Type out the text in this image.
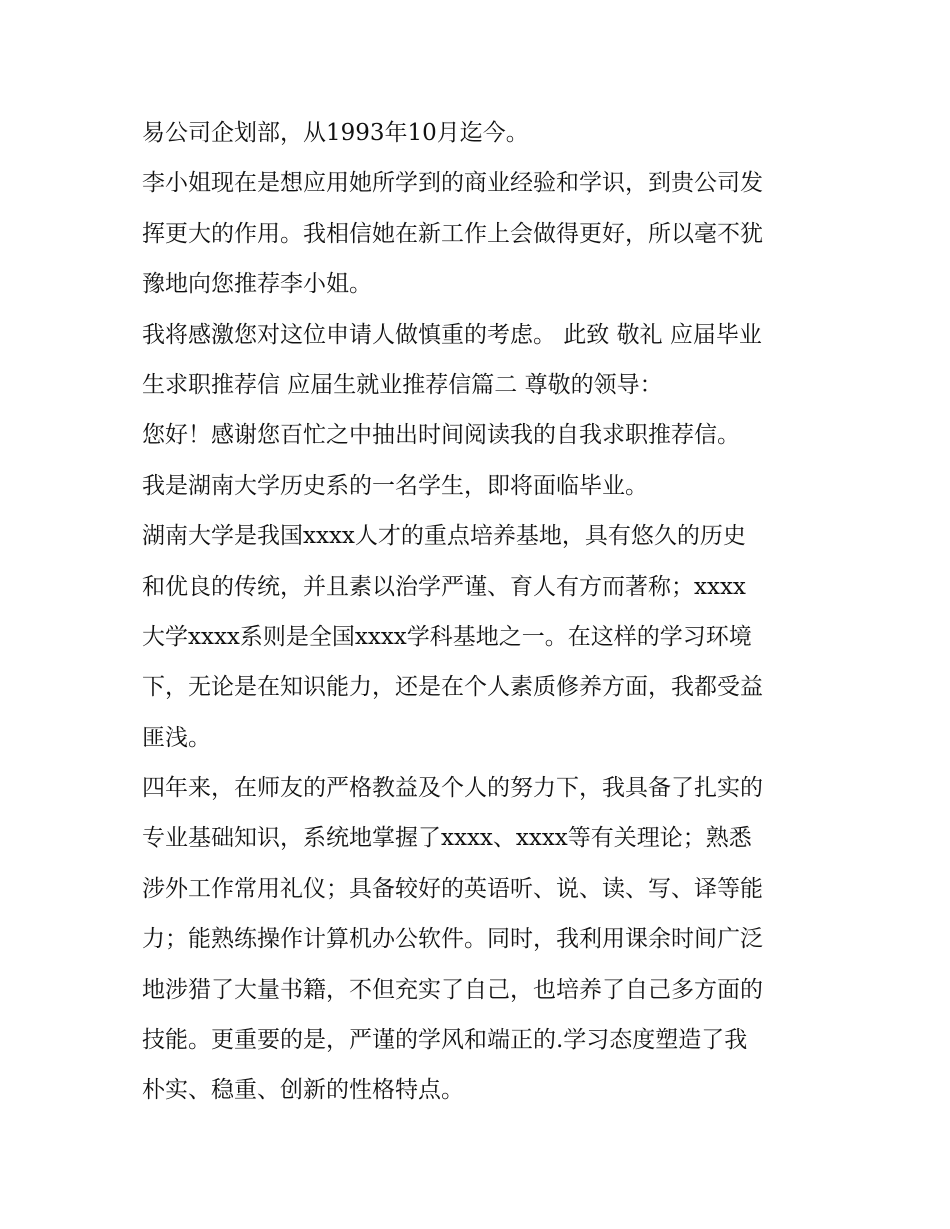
易公司企划部，从1993年10月迄今。
李小姐现在是想应用她所学到的商业经验和学识，到贵公司发
挥更大的作用。我相信她在新工作上会做得更好，所以毫不犹
豫地向您推荐李小姐。
我将感激您对这位申请人做慎重的考虑。 此致 敬礼 应届毕业
生求职推荐信 应届生就业推荐信篇二 尊敬的领导：
您好！感谢您百忙之中抽出时间阅读我的自我求职推荐信。
我是湖南大学历史系的一名学生，即将面临毕业。
湖南大学是我国xxxx人才的重点培养基地，具有悠久的历史
和优良的传统，并且素以治学严谨、育人有方而著称；xxxx
大学xxxx系则是全国xxxx学科基地之一。在这样的学习环境
下，无论是在知识能力，还是在个人素质修养方面，我都受益
匪浅。
四年来，在师友的严格教益及个人的努力下，我具备了扎实的
专业基础知识，系统地掌握了xxxx、xxxx等有关理论；熟悉
涉外工作常用礼仪；具备较好的英语听、说、读、写、译等能
力；能熟练操作计算机办公软件。同时，我利用课余时间广泛
地涉猎了大量书籍，不但充实了自己，也培养了自己多方面的
技能。更重要的是，严谨的学风和端正的.学习态度塑造了我
朴实、稳重、创新的性格特点。
